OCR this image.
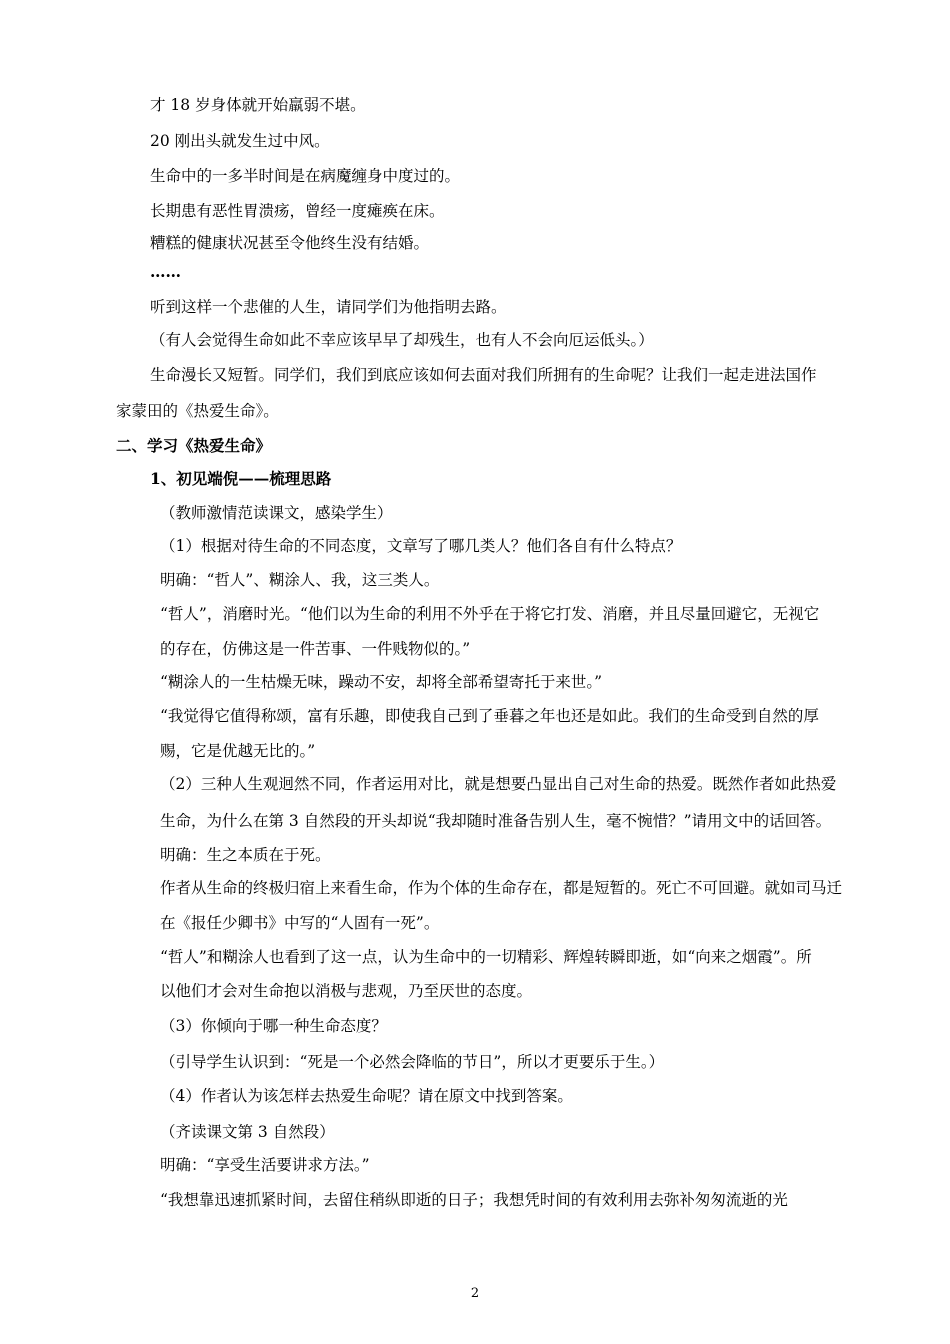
才 18 岁身体就开始羸弱不堪。
20 刚出头就发生过中风。
生命中的一多半时间是在病魔缠身中度过的。
长期患有恶性胃溃疡，曾经一度瘫痪在床。
糟糕的健康状况甚至令他终生没有结婚。
……
听到这样一个悲催的人生，请同学们为他指明去路。
（有人会觉得生命如此不幸应该早早了却残生，也有人不会向厄运低头。）
生命漫长又短暂。同学们，我们到底应该如何去面对我们所拥有的生命呢？让我们一起走进法国作
家蒙田的《热爱生命》。
二、学习《热爱生命》
1、初见端倪——梳理思路
（教师激情范读课文，感染学生）
（1）根据对待生命的不同态度，文章写了哪几类人？他们各自有什么特点？
明确：“哲人”、糊涂人、我，这三类人。
“哲人”，消磨时光。“他们以为生命的利用不外乎在于将它打发、消磨，并且尽量回避它，无视它
的存在，仿佛这是一件苦事、一件贱物似的。”
“糊涂人的一生枯燥无味，躁动不安，却将全部希望寄托于来世。”
“我觉得它值得称颂，富有乐趣，即使我自己到了垂暮之年也还是如此。我们的生命受到自然的厚
赐，它是优越无比的。”
（2）三种人生观迥然不同，作者运用对比，就是想要凸显出自己对生命的热爱。既然作者如此热爱
生命，为什么在第 3 自然段的开头却说“我却随时准备告别人生，毫不惋惜？”请用文中的话回答。
明确：生之本质在于死。
作者从生命的终极归宿上来看生命，作为个体的生命存在，都是短暂的。死亡不可回避。就如司马迁
在《报任少卿书》中写的“人固有一死”。
“哲人”和糊涂人也看到了这一点，认为生命中的一切精彩、辉煌转瞬即逝，如“向来之烟霞”。所
以他们才会对生命抱以消极与悲观，乃至厌世的态度。
（3）你倾向于哪一种生命态度？
（引导学生认识到：“死是一个必然会降临的节日”，所以才更要乐于生。）
（4）作者认为该怎样去热爱生命呢？请在原文中找到答案。
（齐读课文第 3 自然段）
明确：“享受生活要讲求方法。”
“我想靠迅速抓紧时间，去留住稍纵即逝的日子；我想凭时间的有效利用去弥补匆匆流逝的光
2
